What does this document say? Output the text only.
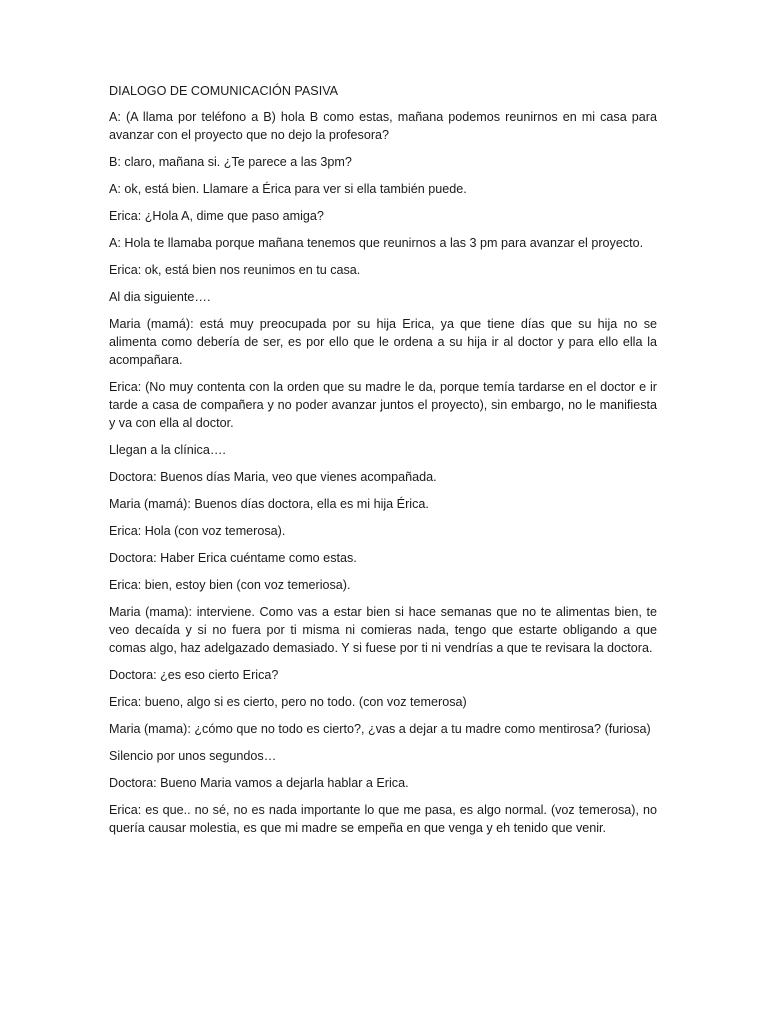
DIALOGO DE COMUNICACIÓN PASIVA
A: (A llama por teléfono a B) hola B como estas, mañana podemos reunirnos en mi casa para avanzar con el proyecto que no dejo la profesora?
B: claro, mañana si. ¿Te parece a las 3pm?
A: ok, está bien. Llamare a Érica para ver si ella también puede.
Erica: ¿Hola A, dime que paso amiga?
A: Hola te llamaba porque mañana tenemos que reunirnos a las 3 pm para avanzar el proyecto.
Erica: ok, está bien nos reunimos en tu casa.
Al dia siguiente….
Maria (mamá): está muy preocupada por su hija Erica, ya que tiene días que su hija no se alimenta como debería de ser, es por ello que le ordena a su hija ir al doctor y para ello ella la acompañara.
Erica: (No muy contenta con la orden que su madre le da, porque temía tardarse en el doctor e ir tarde a casa de compañera y no poder avanzar juntos el proyecto), sin embargo, no le manifiesta y va con ella al doctor.
Llegan a la clínica….
Doctora: Buenos días Maria, veo que vienes acompañada.
Maria (mamá): Buenos días doctora, ella es mi hija Érica.
Erica: Hola (con voz temerosa).
Doctora: Haber Erica cuéntame como estas.
Erica: bien, estoy bien (con voz temeriosa).
Maria (mama): interviene. Como vas a estar bien si hace semanas que no te alimentas bien, te veo decaída y si no fuera por ti misma ni comieras nada, tengo que estarte obligando a que comas algo, haz adelgazado demasiado. Y si fuese por ti ni vendrías a que te revisara la doctora.
Doctora: ¿es eso cierto Erica?
Erica: bueno, algo si es cierto, pero no todo. (con voz temerosa)
Maria (mama): ¿cómo que no todo es cierto?, ¿vas a dejar a tu madre como mentirosa? (furiosa)
Silencio por unos segundos…
Doctora: Bueno Maria vamos a dejarla hablar a Erica.
Erica: es que.. no sé, no es nada importante lo que me pasa, es algo normal. (voz temerosa), no quería causar molestia, es que mi madre se empeña en que venga y eh tenido que venir.
